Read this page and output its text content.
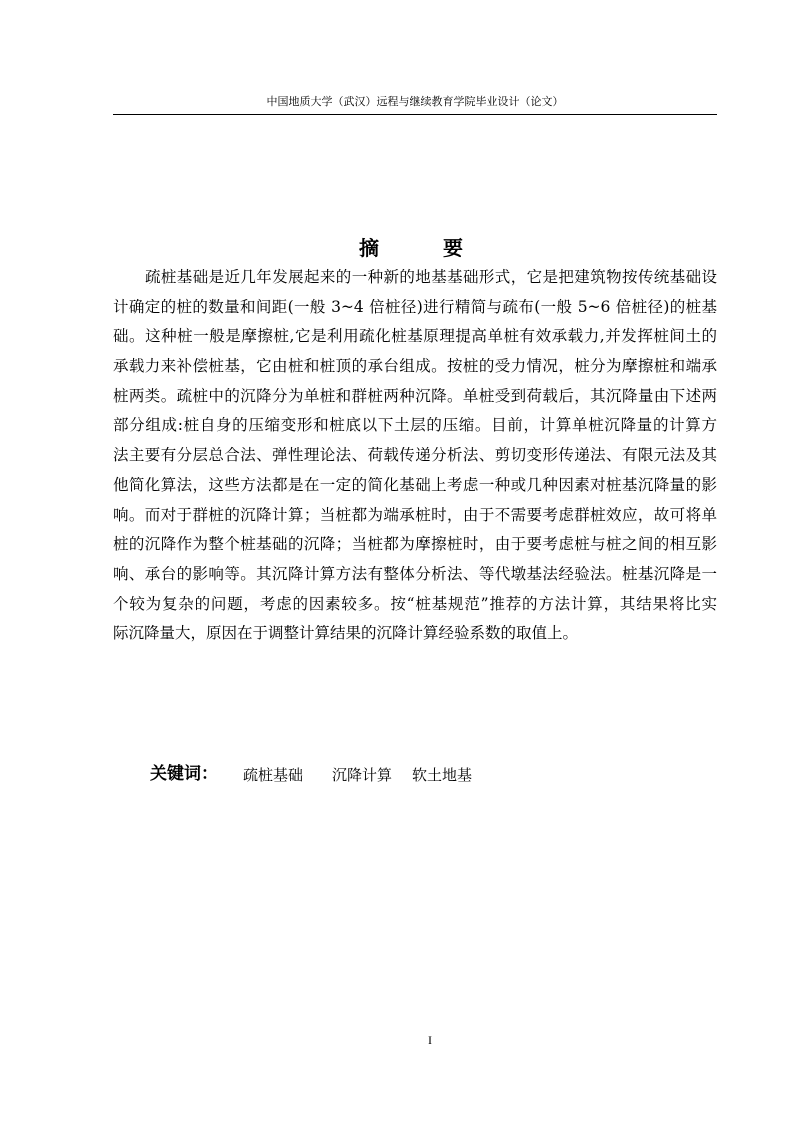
中国地质大学（武汉）远程与继续教育学院毕业设计（论文）
摘　　要
疏桩基础是近几年发展起来的一种新的地基基础形式，它是把建筑物按传统基础设
计确定的桩的数量和间距(一般 3~4 倍桩径)进行精简与疏布(一般 5~6 倍桩径)的桩基
础。这种桩一般是摩擦桩,它是利用疏化桩基原理提高单桩有效承载力,并发挥桩间土的
承载力来补偿桩基，它由桩和桩顶的承台组成。按桩的受力情况，桩分为摩擦桩和端承
桩两类。疏桩中的沉降分为单桩和群桩两种沉降。单桩受到荷载后，其沉降量由下述两
部分组成:桩自身的压缩变形和桩底以下土层的压缩。目前，计算单桩沉降量的计算方
法主要有分层总合法、弹性理论法、荷载传递分析法、剪切变形传递法、有限元法及其
他简化算法，这些方法都是在一定的简化基础上考虑一种或几种因素对桩基沉降量的影
响。而对于群桩的沉降计算；当桩都为端承桩时，由于不需要考虑群桩效应，故可将单
桩的沉降作为整个桩基础的沉降；当桩都为摩擦桩时，由于要考虑桩与桩之间的相互影
响、承台的影响等。其沉降计算方法有整体分析法、等代墩基法经验法。桩基沉降是一
个较为复杂的问题，考虑的因素较多。按“桩基规范”推荐的方法计算，其结果将比实
际沉降量大，原因在于调整计算结果的沉降计算经验系数的取值上。
关键词： 疏桩基础 沉降计算 软土地基
I
